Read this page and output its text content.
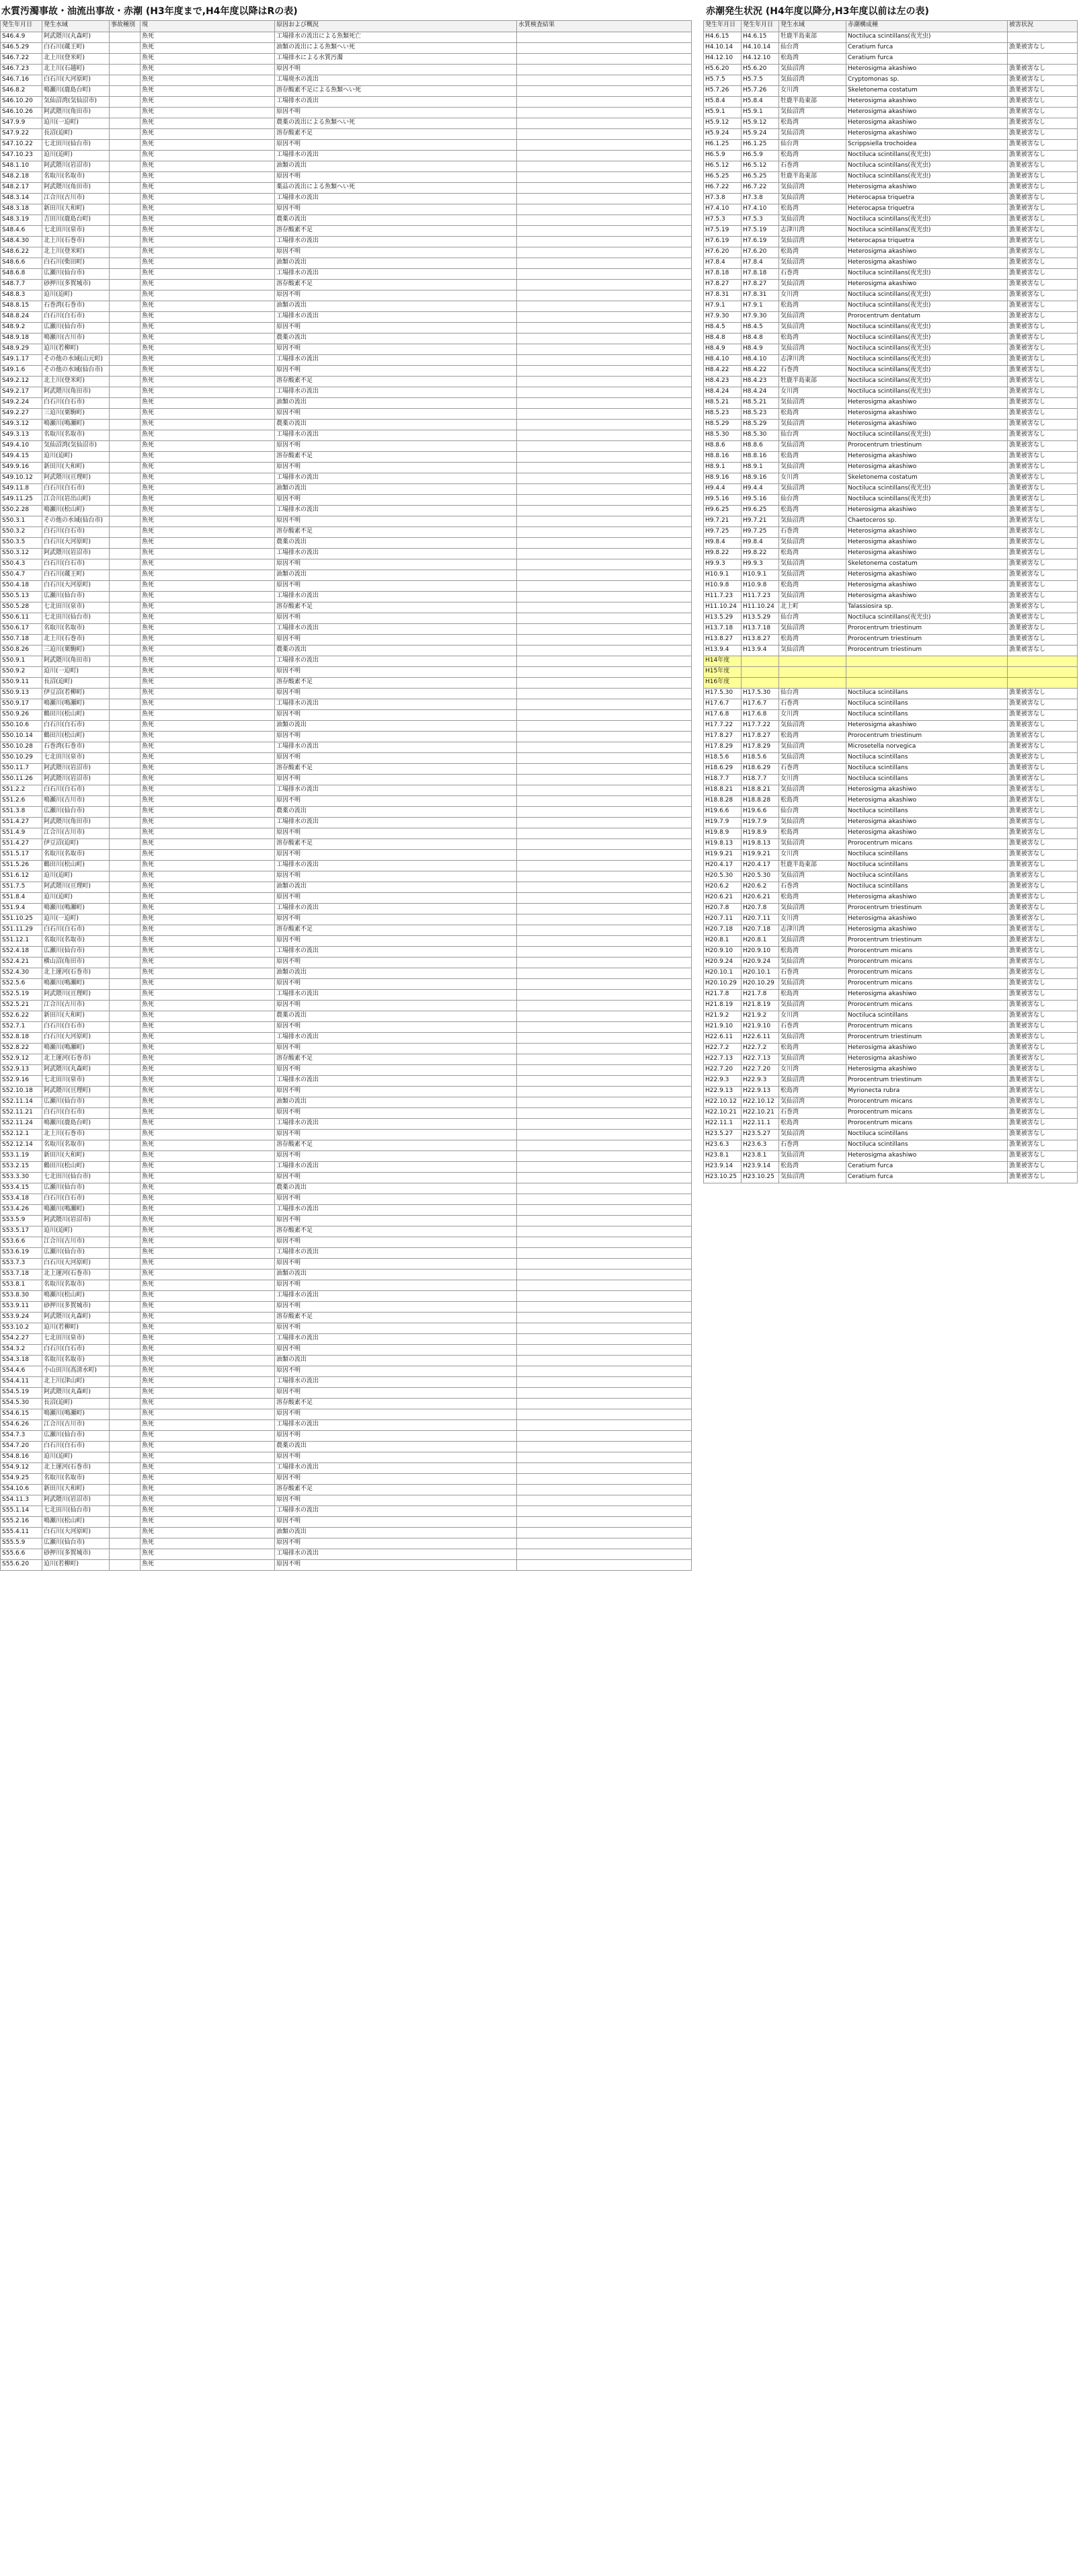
水質汚濁事故・油流出事故・赤潮 (H3年度まで,H4年度以降はRの表)	赤潮発生状況 (H4年度以降分,H3年度以前は左の表)
発生年月日	発生水域	事故種別	現	原因および概況	水質検査結果
S46.4.9	阿武隈川(丸森町)		魚死	工場排水の流出による魚類死亡	
S46.5.29	白石川(蔵王町)		魚死	油類の流出による魚類へい死	
S46.7.22	北上川(登米町)		魚死	工場排水による水質汚濁	
S46.7.23	北上川(石越町)		魚死	原因不明	
S46.7.16	白石川(大河原町)		魚死	工場廃水の流出	
S46.8.2	鳴瀬川(鹿島台町)		魚死	溶存酸素不足による魚類へい死	
S46.10.20	気仙沼湾(気仙沼市)		魚死	工場排水の流出	
S46.10.26	阿武隈川(角田市)		魚死	原因不明	
S47.9.9	迫川(一迫町)		魚死	農薬の流出による魚類へい死	
S47.9.22	長沼(迫町)		魚死	溶存酸素不足	
S47.10.22	七北田川(仙台市)		魚死	原因不明	
S47.10.23	迫川(迫町)		魚死	工場排水の流出	
S48.1.10	阿武隈川(岩沼市)		魚死	油類の流出	
S48.2.18	名取川(名取市)		魚死	原因不明	
S48.2.17	阿武隈川(角田市)		魚死	薬品の流出による魚類へい死	
S48.3.14	江合川(古川市)		魚死	工場排水の流出	
S48.3.18	新田川(大和町)		魚死	原因不明	
S48.3.19	吉田川(鹿島台町)		魚死	農薬の流出	
S48.4.6	七北田川(泉市)		魚死	溶存酸素不足	
S48.4.30	北上川(石巻市)		魚死	工場排水の流出	
S48.6.22	北上川(登米町)		魚死	原因不明	
S48.6.6	白石川(柴田町)		魚死	油類の流出	
S48.6.8	広瀬川(仙台市)		魚死	工場排水の流出	
S48.7.7	砂押川(多賀城市)		魚死	溶存酸素不足	
S48.8.3	迫川(迫町)		魚死	原因不明	
S48.8.15	石巻湾(石巻市)		魚死	油類の流出	
S48.8.24	白石川(白石市)		魚死	工場排水の流出	
S48.9.2	広瀬川(仙台市)		魚死	原因不明	
S48.9.18	鳴瀬川(古川市)		魚死	農薬の流出	
S48.9.29	迫川(若柳町)		魚死	原因不明	
S49.1.17	その他の水域(山元町)		魚死	工場排水の流出	
S49.1.6	その他の水域(仙台市)		魚死	原因不明	
S49.2.12	北上川(登米町)		魚死	溶存酸素不足	
S49.2.17	阿武隈川(角田市)		魚死	工場排水の流出	
S49.2.24	白石川(白石市)		魚死	油類の流出	
S49.2.27	三迫川(栗駒町)		魚死	原因不明	
S49.3.12	鳴瀬川(鳴瀬町)		魚死	農薬の流出	
S49.3.13	名取川(名取市)		魚死	工場排水の流出	
S49.4.10	気仙沼湾(気仙沼市)		魚死	原因不明	
S49.4.15	迫川(迫町)		魚死	溶存酸素不足	
S49.9.16	新田川(大和町)		魚死	原因不明	
S49.10.12	阿武隈川(亘理町)		魚死	工場排水の流出	
S49.11.8	白石川(白石市)		魚死	油類の流出	
S49.11.25	江合川(岩出山町)		魚死	原因不明	
S50.2.28	鳴瀬川(松山町)		魚死	工場排水の流出	
S50.3.1	その他の水域(仙台市)		魚死	原因不明	
S50.3.2	白石川(白石市)		魚死	溶存酸素不足	
S50.3.5	白石川(大河原町)		魚死	農薬の流出	
S50.3.12	阿武隈川(岩沼市)		魚死	工場排水の流出	
S50.4.3	白石川(白石市)		魚死	原因不明	
S50.4.7	白石川(蔵王町)		魚死	油類の流出	
S50.4.18	白石川(大河原町)		魚死	原因不明	
S50.5.13	広瀬川(仙台市)		魚死	工場排水の流出	
S50.5.28	七北田川(泉市)		魚死	溶存酸素不足	
S50.6.11	七北田川(仙台市)		魚死	原因不明	
S50.6.17	名取川(名取市)		魚死	工場排水の流出	
S50.7.18	北上川(石巻市)		魚死	原因不明	
S50.8.26	三迫川(栗駒町)		魚死	農薬の流出	
S50.9.1	阿武隈川(角田市)		魚死	工場排水の流出	
S50.9.2	迫川(一迫町)		魚死	原因不明	
S50.9.11	長沼(迫町)		魚死	溶存酸素不足	
S50.9.13	伊豆沼(若柳町)		魚死	原因不明	
S50.9.17	鳴瀬川(鳴瀬町)		魚死	工場排水の流出	
S50.9.26	鶴田川(松山町)		魚死	原因不明	
S50.10.6	白石川(白石市)		魚死	油類の流出	
S50.10.14	鶴田川(松山町)		魚死	原因不明	
S50.10.28	石巻湾(石巻市)		魚死	工場排水の流出	
S50.10.29	七北田川(泉市)		魚死	原因不明	
S50.11.7	阿武隈川(岩沼市)		魚死	溶存酸素不足	
S50.11.26	阿武隈川(岩沼市)		魚死	原因不明	
S51.2.2	白石川(白石市)		魚死	工場排水の流出	
S51.2.6	鳴瀬川(古川市)		魚死	原因不明	
S51.3.8	広瀬川(仙台市)		魚死	農薬の流出	
S51.4.27	阿武隈川(角田市)		魚死	工場排水の流出	
S51.4.9	江合川(古川市)		魚死	原因不明	
S51.4.27	伊豆沼(迫町)		魚死	溶存酸素不足	
S51.5.17	名取川(名取市)		魚死	原因不明	
S51.5.26	鶴田川(松山町)		魚死	工場排水の流出	
S51.6.12	迫川(迫町)		魚死	原因不明	
S51.7.5	阿武隈川(亘理町)		魚死	油類の流出	
S51.8.4	迫川(迫町)		魚死	原因不明	
S51.9.4	鳴瀬川(鳴瀬町)		魚死	工場排水の流出	
S51.10.25	迫川(一迫町)		魚死	原因不明	
S51.11.29	白石川(白石市)		魚死	溶存酸素不足	
S51.12.1	名取川(名取市)		魚死	原因不明	
S52.4.18	広瀬川(仙台市)		魚死	工場排水の流出	
S52.4.21	横山沼(角田市)		魚死	原因不明	
S52.4.30	北上運河(石巻市)		魚死	油類の流出	
S52.5.6	鳴瀬川(鳴瀬町)		魚死	原因不明	
S52.5.19	阿武隈川(亘理町)		魚死	工場排水の流出	
S52.5.21	江合川(古川市)		魚死	原因不明	
S52.6.22	新田川(大和町)		魚死	農薬の流出	
S52.7.1	白石川(白石市)		魚死	原因不明	
S52.8.18	白石川(大河原町)		魚死	工場排水の流出	
S52.8.22	鳴瀬川(鳴瀬町)		魚死	原因不明	
S52.9.12	北上運河(石巻市)		魚死	溶存酸素不足	
S52.9.13	阿武隈川(丸森町)		魚死	原因不明	
S52.9.16	七北田川(泉市)		魚死	工場排水の流出	
S52.10.18	阿武隈川(亘理町)		魚死	原因不明	
S52.11.14	広瀬川(仙台市)		魚死	油類の流出	
S52.11.21	白石川(白石市)		魚死	原因不明	
S52.11.24	鳴瀬川(鹿島台町)		魚死	工場排水の流出	
S52.12.1	北上川(石巻市)		魚死	原因不明	
S52.12.14	名取川(名取市)		魚死	溶存酸素不足	
S53.1.19	新田川(大和町)		魚死	原因不明	
S53.2.15	鶴田川(松山町)		魚死	工場排水の流出	
S53.3.30	七北田川(仙台市)		魚死	原因不明	
S53.4.15	広瀬川(仙台市)		魚死	農薬の流出	
S53.4.18	白石川(白石市)		魚死	原因不明	
S53.4.26	鳴瀬川(鳴瀬町)		魚死	工場排水の流出	
S53.5.9	阿武隈川(岩沼市)		魚死	原因不明	
S53.5.17	迫川(迫町)		魚死	溶存酸素不足	
S53.6.6	江合川(古川市)		魚死	原因不明	
S53.6.19	広瀬川(仙台市)		魚死	工場排水の流出	
S53.7.3	白石川(大河原町)		魚死	原因不明	
S53.7.18	北上運河(石巻市)		魚死	油類の流出	
S53.8.1	名取川(名取市)		魚死	原因不明	
S53.8.30	鳴瀬川(松山町)		魚死	工場排水の流出	
S53.9.11	砂押川(多賀城市)		魚死	原因不明	
S53.9.24	阿武隈川(丸森町)		魚死	溶存酸素不足	
S53.10.2	迫川(若柳町)		魚死	原因不明	
S54.2.27	七北田川(泉市)		魚死	工場排水の流出	
S54.3.2	白石川(白石市)		魚死	原因不明	
S54.3.18	名取川(名取市)		魚死	油類の流出	
S54.4.6	小山田川(高清水町)		魚死	原因不明	
S54.4.11	北上川(津山町)		魚死	工場排水の流出	
S54.5.19	阿武隈川(丸森町)		魚死	原因不明	
S54.5.30	長沼(迫町)		魚死	溶存酸素不足	
S54.6.15	鳴瀬川(鳴瀬町)		魚死	原因不明	
S54.6.26	江合川(古川市)		魚死	工場排水の流出	
S54.7.3	広瀬川(仙台市)		魚死	原因不明	
S54.7.20	白石川(白石市)		魚死	農薬の流出	
S54.8.16	迫川(迫町)		魚死	原因不明	
S54.9.12	北上運河(石巻市)		魚死	工場排水の流出	
S54.9.25	名取川(名取市)		魚死	原因不明	
S54.10.6	新田川(大和町)		魚死	溶存酸素不足	
S54.11.3	阿武隈川(岩沼市)		魚死	原因不明	
S55.1.14	七北田川(仙台市)		魚死	工場排水の流出	
S55.2.16	鳴瀬川(松山町)		魚死	原因不明	
S55.4.11	白石川(大河原町)		魚死	油類の流出	
S55.5.9	広瀬川(仙台市)		魚死	原因不明	
S55.6.6	砂押川(多賀城市)		魚死	工場排水の流出	
S55.6.20	迫川(若柳町)		魚死	原因不明	
発生年月日	発生年月日	発生水域	赤潮構成種	被害状況
H4.6.15	H4.6.15	牡鹿半島東部	Noctiluca scintillans(夜光虫)	
H4.10.14	H4.10.14	仙台湾	Ceratium furca	漁業被害なし
H4.12.10	H4.12.10	松島湾	Ceratium furca	
H5.6.20	H5.6.20	気仙沼湾	Heterosigma akashiwo	漁業被害なし
H5.7.5	H5.7.5	気仙沼湾	Cryptomonas sp.	漁業被害なし
H5.7.26	H5.7.26	女川湾	Skeletonema costatum	漁業被害なし
H5.8.4	H5.8.4	牡鹿半島東部	Heterosigma akashiwo	漁業被害なし
H5.9.1	H5.9.1	気仙沼湾	Heterosigma akashiwo	漁業被害なし
H5.9.12	H5.9.12	松島湾	Heterosigma akashiwo	漁業被害なし
H5.9.24	H5.9.24	気仙沼湾	Heterosigma akashiwo	漁業被害なし
H6.1.25	H6.1.25	仙台湾	Scrippsiella trochoidea	漁業被害なし
H6.5.9	H6.5.9	松島湾	Noctiluca scintillans(夜光虫)	漁業被害なし
H6.5.12	H6.5.12	石巻湾	Noctiluca scintillans(夜光虫)	漁業被害なし
H6.5.25	H6.5.25	牡鹿半島東部	Noctiluca scintillans(夜光虫)	漁業被害なし
H6.7.22	H6.7.22	気仙沼湾	Heterosigma akashiwo	漁業被害なし
H7.3.8	H7.3.8	気仙沼湾	Heterocapsa triquetra	漁業被害なし
H7.4.10	H7.4.10	松島湾	Heterocapsa triquetra	漁業被害なし
H7.5.3	H7.5.3	気仙沼湾	Noctiluca scintillans(夜光虫)	漁業被害なし
H7.5.19	H7.5.19	志津川湾	Noctiluca scintillans(夜光虫)	漁業被害なし
H7.6.19	H7.6.19	気仙沼湾	Heterocapsa triquetra	漁業被害なし
H7.6.20	H7.6.20	松島湾	Heterosigma akashiwo	漁業被害なし
H7.8.4	H7.8.4	気仙沼湾	Heterosigma akashiwo	漁業被害なし
H7.8.18	H7.8.18	石巻湾	Noctiluca scintillans(夜光虫)	漁業被害なし
H7.8.27	H7.8.27	気仙沼湾	Heterosigma akashiwo	漁業被害なし
H7.8.31	H7.8.31	女川湾	Noctiluca scintillans(夜光虫)	漁業被害なし
H7.9.1	H7.9.1	松島湾	Noctiluca scintillans(夜光虫)	漁業被害なし
H7.9.30	H7.9.30	気仙沼湾	Prorocentrum dentatum	漁業被害なし
H8.4.5	H8.4.5	気仙沼湾	Noctiluca scintillans(夜光虫)	漁業被害なし
H8.4.8	H8.4.8	松島湾	Noctiluca scintillans(夜光虫)	漁業被害なし
H8.4.9	H8.4.9	気仙沼湾	Noctiluca scintillans(夜光虫)	漁業被害なし
H8.4.10	H8.4.10	志津川湾	Noctiluca scintillans(夜光虫)	漁業被害なし
H8.4.22	H8.4.22	石巻湾	Noctiluca scintillans(夜光虫)	漁業被害なし
H8.4.23	H8.4.23	牡鹿半島東部	Noctiluca scintillans(夜光虫)	漁業被害なし
H8.4.24	H8.4.24	女川湾	Noctiluca scintillans(夜光虫)	漁業被害なし
H8.5.21	H8.5.21	気仙沼湾	Heterosigma akashiwo	漁業被害なし
H8.5.23	H8.5.23	松島湾	Heterosigma akashiwo	漁業被害なし
H8.5.29	H8.5.29	気仙沼湾	Heterosigma akashiwo	漁業被害なし
H8.5.30	H8.5.30	仙台湾	Noctiluca scintillans(夜光虫)	漁業被害なし
H8.8.6	H8.8.6	気仙沼湾	Prorocentrum triestinum	漁業被害なし
H8.8.16	H8.8.16	松島湾	Heterosigma akashiwo	漁業被害なし
H8.9.1	H8.9.1	気仙沼湾	Heterosigma akashiwo	漁業被害なし
H8.9.16	H8.9.16	女川湾	Skeletonema costatum	漁業被害なし
H9.4.4	H9.4.4	気仙沼湾	Noctiluca scintillans(夜光虫)	漁業被害なし
H9.5.16	H9.5.16	仙台湾	Noctiluca scintillans(夜光虫)	漁業被害なし
H9.6.25	H9.6.25	松島湾	Heterosigma akashiwo	漁業被害なし
H9.7.21	H9.7.21	気仙沼湾	Chaetoceros sp.	漁業被害なし
H9.7.25	H9.7.25	石巻湾	Heterosigma akashiwo	漁業被害なし
H9.8.4	H9.8.4	気仙沼湾	Heterosigma akashiwo	漁業被害なし
H9.8.22	H9.8.22	松島湾	Heterosigma akashiwo	漁業被害なし
H9.9.3	H9.9.3	気仙沼湾	Skeletonema costatum	漁業被害なし
H10.9.1	H10.9.1	気仙沼湾	Heterosigma akashiwo	漁業被害なし
H10.9.8	H10.9.8	松島湾	Heterosigma akashiwo	漁業被害なし
H11.7.23	H11.7.23	気仙沼湾	Heterosigma akashiwo	漁業被害なし
H11.10.24	H11.10.24	北上町	Talassiosira sp.	漁業被害なし
H13.5.29	H13.5.29	仙台湾	Noctiluca scintillans(夜光虫)	漁業被害なし
H13.7.18	H13.7.18	気仙沼湾	Prorocentrum triestinum	漁業被害なし
H13.8.27	H13.8.27	松島湾	Prorocentrum triestinum	漁業被害なし
H13.9.4	H13.9.4	気仙沼湾	Prorocentrum triestinum	漁業被害なし
H14年度				
H15年度				
H16年度				
H17.5.30	H17.5.30	仙台湾	Noctiluca scintillans	漁業被害なし
H17.6.7	H17.6.7	石巻湾	Noctiluca scintillans	漁業被害なし
H17.6.8	H17.6.8	女川湾	Noctiluca scintillans	漁業被害なし
H17.7.22	H17.7.22	気仙沼湾	Heterosigma akashiwo	漁業被害なし
H17.8.27	H17.8.27	松島湾	Prorocentrum triestinum	漁業被害なし
H17.8.29	H17.8.29	気仙沼湾	Microsetella norvegica	漁業被害なし
H18.5.6	H18.5.6	気仙沼湾	Noctiluca scintillans	漁業被害なし
H18.6.29	H18.6.29	石巻湾	Noctiluca scintillans	漁業被害なし
H18.7.7	H18.7.7	女川湾	Noctiluca scintillans	漁業被害なし
H18.8.21	H18.8.21	気仙沼湾	Heterosigma akashiwo	漁業被害なし
H18.8.28	H18.8.28	松島湾	Heterosigma akashiwo	漁業被害なし
H19.6.6	H19.6.6	仙台湾	Noctiluca scintillans	漁業被害なし
H19.7.9	H19.7.9	気仙沼湾	Heterosigma akashiwo	漁業被害なし
H19.8.9	H19.8.9	松島湾	Heterosigma akashiwo	漁業被害なし
H19.8.13	H19.8.13	気仙沼湾	Prorocentrum micans	漁業被害なし
H19.9.21	H19.9.21	女川湾	Noctiluca scintillans	漁業被害なし
H20.4.17	H20.4.17	牡鹿半島東部	Noctiluca scintillans	漁業被害なし
H20.5.30	H20.5.30	気仙沼湾	Noctiluca scintillans	漁業被害なし
H20.6.2	H20.6.2	石巻湾	Noctiluca scintillans	漁業被害なし
H20.6.21	H20.6.21	松島湾	Heterosigma akashiwo	漁業被害なし
H20.7.8	H20.7.8	気仙沼湾	Prorocentrum triestinum	漁業被害なし
H20.7.11	H20.7.11	女川湾	Heterosigma akashiwo	漁業被害なし
H20.7.18	H20.7.18	志津川湾	Heterosigma akashiwo	漁業被害なし
H20.8.1	H20.8.1	気仙沼湾	Prorocentrum triestinum	漁業被害なし
H20.9.10	H20.9.10	松島湾	Prorocentrum micans	漁業被害なし
H20.9.24	H20.9.24	気仙沼湾	Prorocentrum micans	漁業被害なし
H20.10.1	H20.10.1	石巻湾	Prorocentrum micans	漁業被害なし
H20.10.29	H20.10.29	気仙沼湾	Prorocentrum micans	漁業被害なし
H21.7.8	H21.7.8	松島湾	Heterosigma akashiwo	漁業被害なし
H21.8.19	H21.8.19	気仙沼湾	Prorocentrum micans	漁業被害なし
H21.9.2	H21.9.2	女川湾	Noctiluca scintillans	漁業被害なし
H21.9.10	H21.9.10	石巻湾	Prorocentrum micans	漁業被害なし
H22.6.11	H22.6.11	気仙沼湾	Prorocentrum triestinum	漁業被害なし
H22.7.2	H22.7.2	松島湾	Heterosigma akashiwo	漁業被害なし
H22.7.13	H22.7.13	気仙沼湾	Heterosigma akashiwo	漁業被害なし
H22.7.20	H22.7.20	女川湾	Heterosigma akashiwo	漁業被害なし
H22.9.3	H22.9.3	気仙沼湾	Prorocentrum triestinum	漁業被害なし
H22.9.13	H22.9.13	松島湾	Myrionecta rubra	漁業被害なし
H22.10.12	H22.10.12	気仙沼湾	Prorocentrum micans	漁業被害なし
H22.10.21	H22.10.21	石巻湾	Prorocentrum micans	漁業被害なし
H22.11.1	H22.11.1	松島湾	Prorocentrum micans	漁業被害なし
H23.5.27	H23.5.27	気仙沼湾	Noctiluca scintillans	漁業被害なし
H23.6.3	H23.6.3	石巻湾	Noctiluca scintillans	漁業被害なし
H23.8.1	H23.8.1	気仙沼湾	Heterosigma akashiwo	漁業被害なし
H23.9.14	H23.9.14	松島湾	Ceratium furca	漁業被害なし
H23.10.25	H23.10.25	気仙沼湾	Ceratium furca	漁業被害なし
